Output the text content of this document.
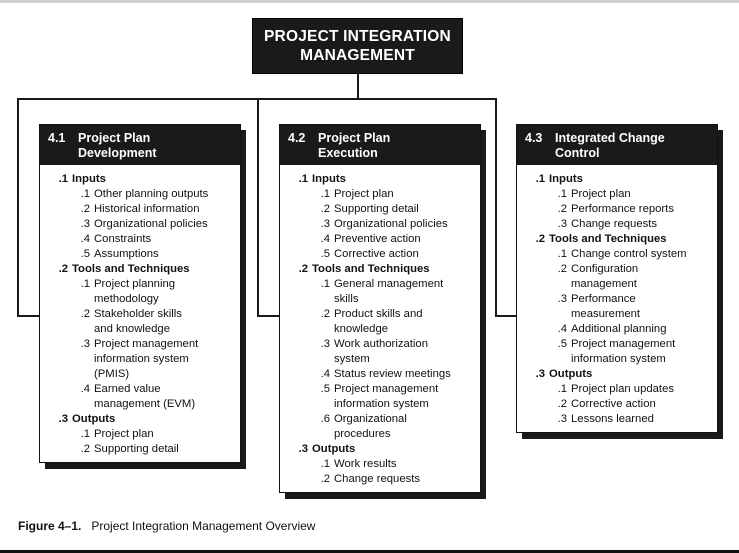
PROJECT INTEGRATION
MANAGEMENT
4.1 Project Plan
Development
.1 Inputs
.1 Other planning outputs
.2 Historical information
.3 Organizational policies
.4 Constraints
.5 Assumptions
.2 Tools and Techniques
.1 Project planning
methodology
.2 Stakeholder skills
and knowledge
.3 Project management
information system
(PMIS)
.4 Earned value
management (EVM)
.3 Outputs
.1 Project plan
.2 Supporting detail
4.2 Project Plan
Execution
.1 Inputs
.1 Project plan
.2 Supporting detail
.3 Organizational policies
.4 Preventive action
.5 Corrective action
.2 Tools and Techniques
.1 General management
skills
.2 Product skills and
knowledge
.3 Work authorization
system
.4 Status review meetings
.5 Project management
information system
.6 Organizational
procedures
.3 Outputs
.1 Work results
.2 Change requests
4.3 Integrated Change
Control
.1 Inputs
.1 Project plan
.2 Performance reports
.3 Change requests
.2 Tools and Techniques
.1 Change control system
.2 Configuration
management
.3 Performance
measurement
.4 Additional planning
.5 Project management
information system
.3 Outputs
.1 Project plan updates
.2 Corrective action
.3 Lessons learned
Figure 4–1. Project Integration Management Overview
